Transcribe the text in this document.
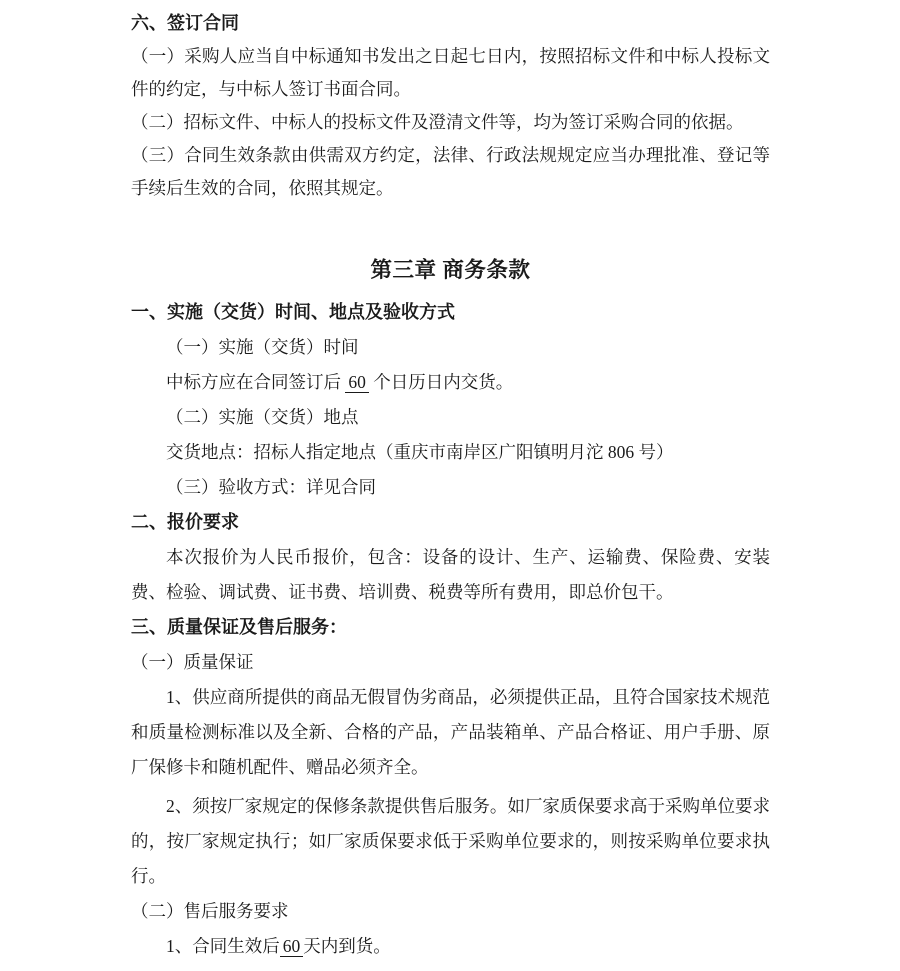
六、签订合同

（一）采购人应当自中标通知书发出之日起七日内，按照招标文件和中标人投标文件的约定，与中标人签订书面合同。

（二）招标文件、中标人的投标文件及澄清文件等，均为签订采购合同的依据。

（三）合同生效条款由供需双方约定，法律、行政法规规定应当办理批准、登记等手续后生效的合同，依照其规定。

第三章 商务条款
一、实施（交货）时间、地点及验收方式

（一）实施（交货）时间

中标方应在合同签订后 60 个日历日内交货。

（二）实施（交货）地点

交货地点：招标人指定地点（重庆市南岸区广阳镇明月沱 806 号）

（三）验收方式：详见合同

二、报价要求

本次报价为人民币报价，包含：设备的设计、生产、运输费、保险费、安装费、检验、调试费、证书费、培训费、税费等所有费用，即总价包干。

三、质量保证及售后服务：

（一）质量保证

1、供应商所提供的商品无假冒伪劣商品，必须提供正品，且符合国家技术规范和质量检测标准以及全新、合格的产品，产品装箱单、产品合格证、用户手册、原厂保修卡和随机配件、赠品必须齐全。

2、须按厂家规定的保修条款提供售后服务。如厂家质保要求高于采购单位要求的，按厂家规定执行；如厂家质保要求低于采购单位要求的，则按采购单位要求执行。

（二）售后服务要求

1、合同生效后 60 天内到货。
